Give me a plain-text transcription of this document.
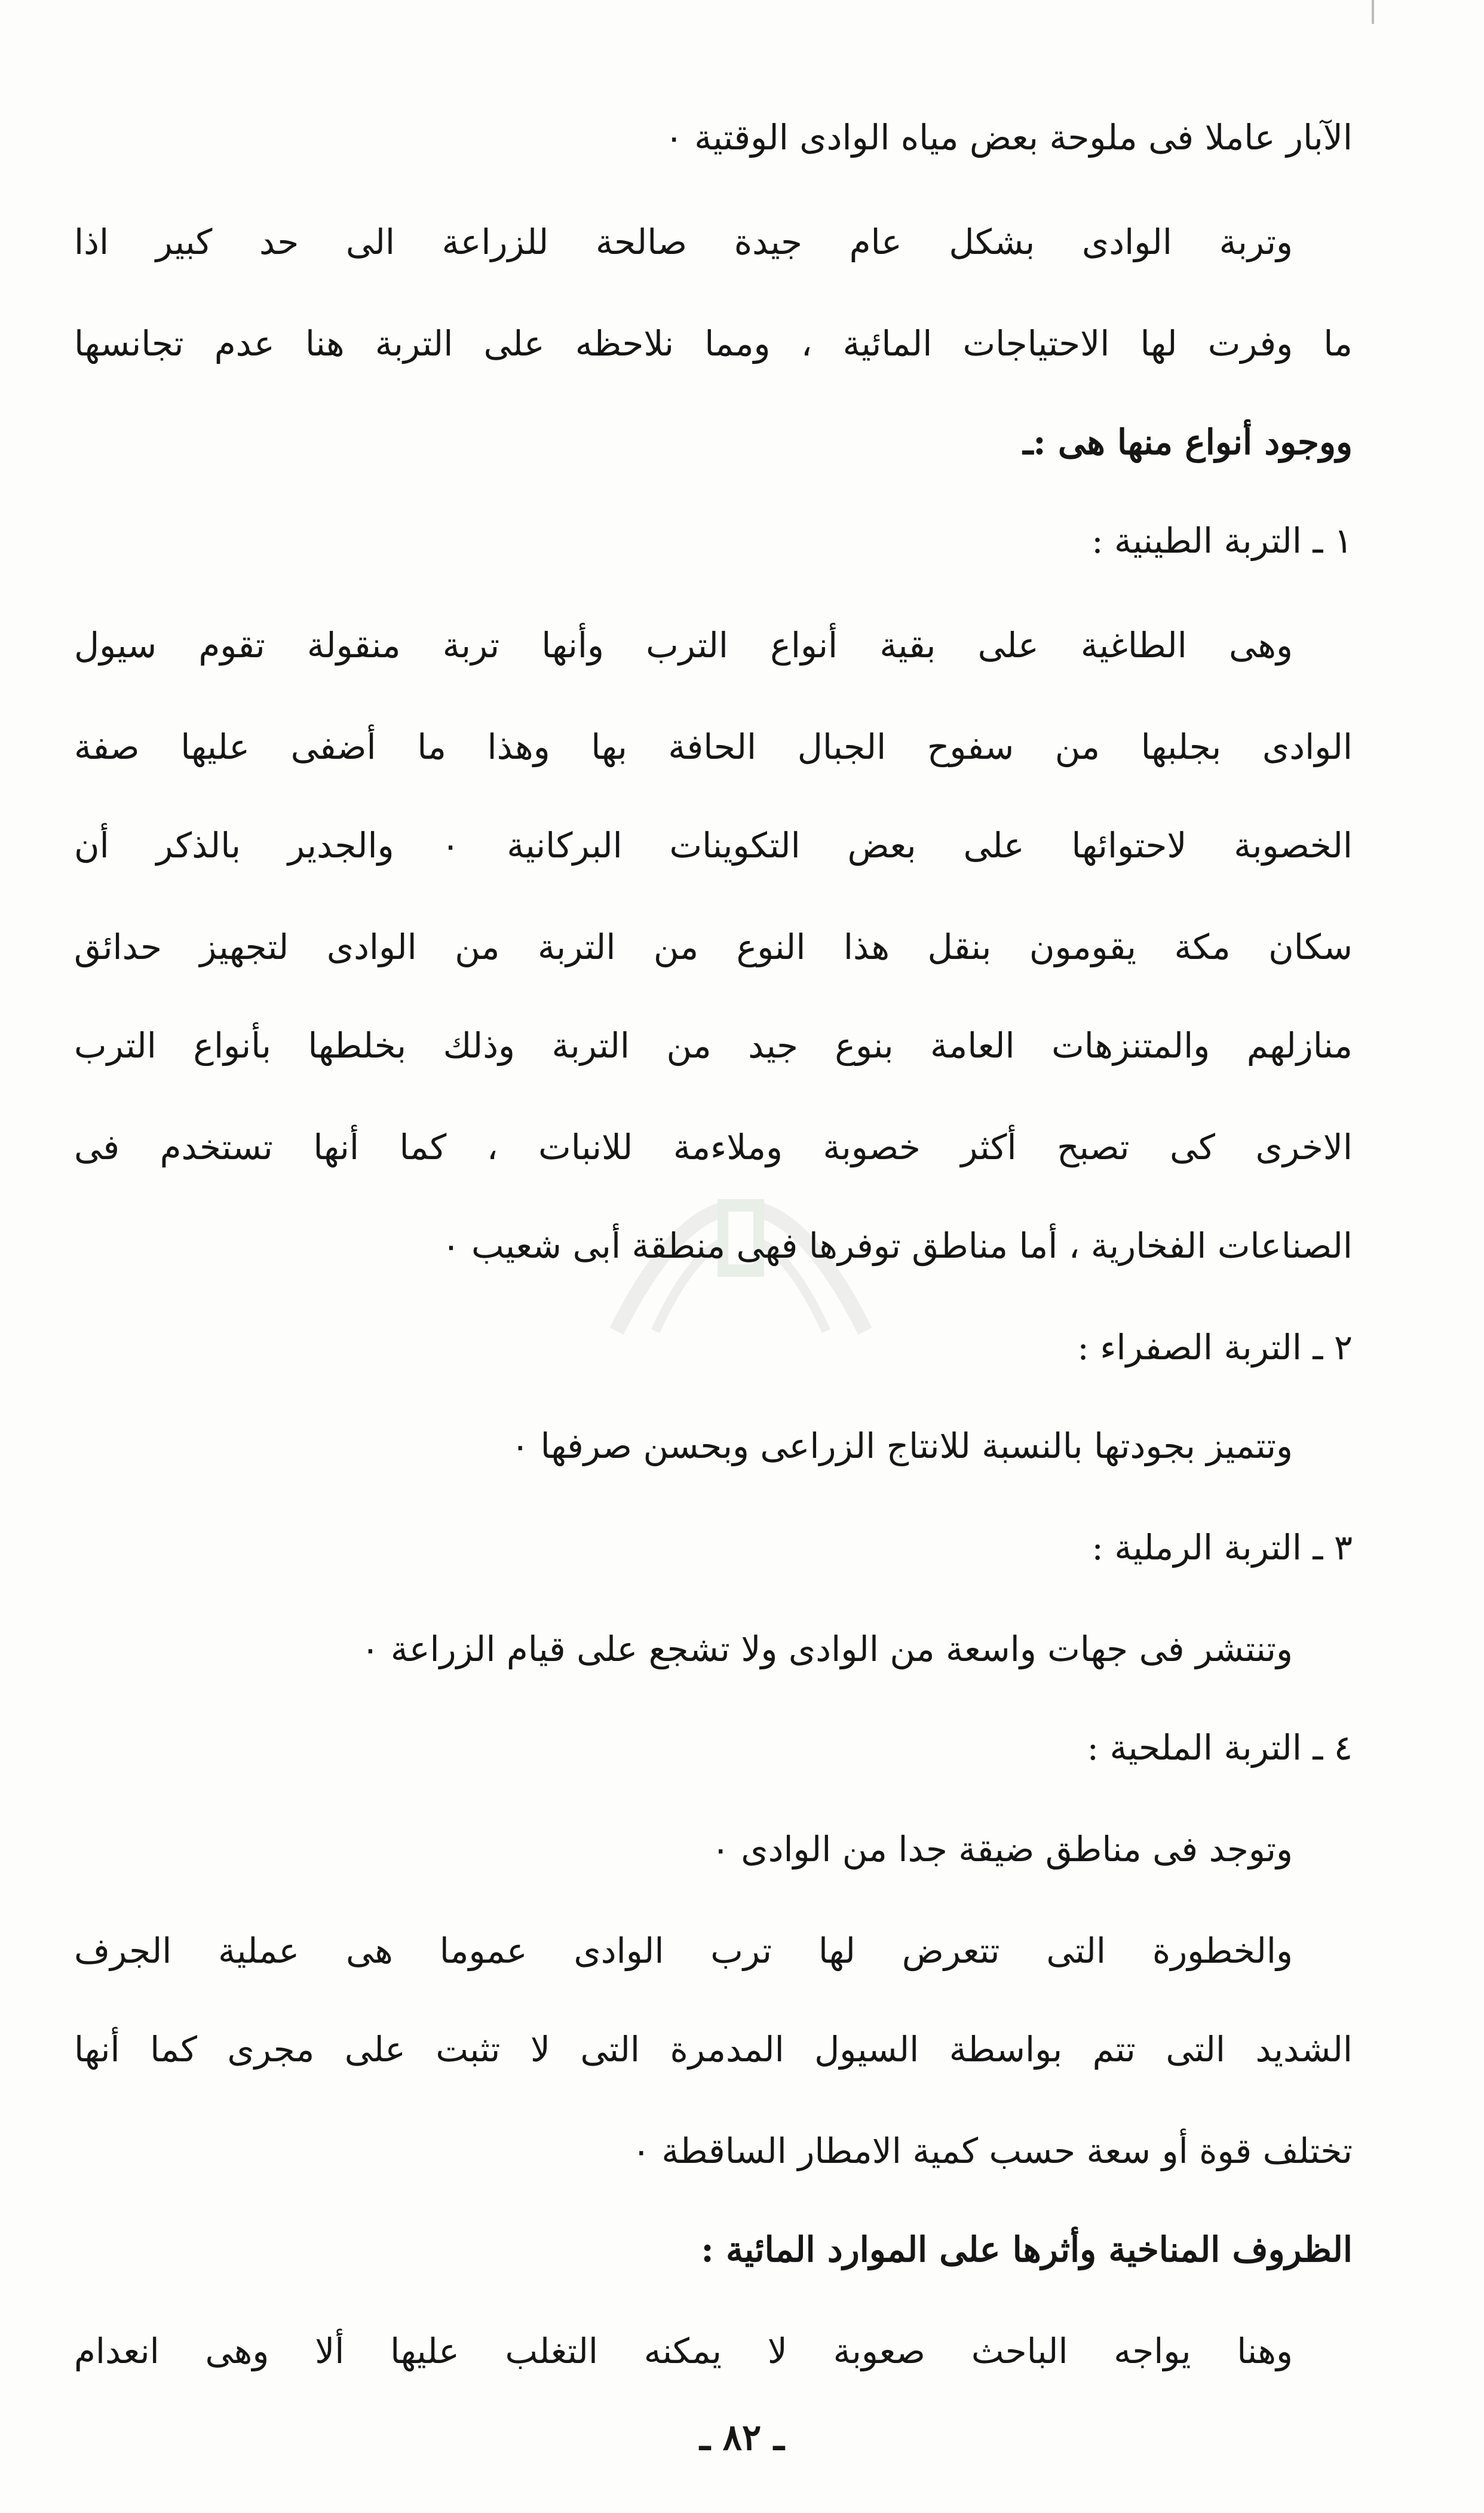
الآبار عاملا فى ملوحة بعض مياه الوادى الوقتية ٠
وتربة الوادى بشكل عام جيدة صالحة للزراعة الى حد كبير اذا
ما وفرت لها الاحتياجات المائية ، ومما نلاحظه على التربة هنا عدم تجانسها
ووجود أنواع منها هى :ـ
١ ـ التربة الطينية :
وهى الطاغية على بقية أنواع الترب وأنها تربة منقولة تقوم سيول
الوادى بجلبها من سفوح الجبال الحافة بها وهذا ما أضفى عليها صفة
الخصوبة لاحتوائها على بعض التكوينات البركانية ٠ والجدير بالذكر أن
سكان مكة يقومون بنقل هذا النوع من التربة من الوادى لتجهيز حدائق
منازلهم والمتنزهات العامة بنوع جيد من التربة وذلك بخلطها بأنواع الترب
الاخرى كى تصبح أكثر خصوبة وملاءمة للانبات ، كما أنها تستخدم فى
الصناعات الفخارية ، أما مناطق توفرها فهى منطقة أبى شعيب ٠
٢ ـ التربة الصفراء :
وتتميز بجودتها بالنسبة للانتاج الزراعى وبحسن صرفها ٠
٣ ـ التربة الرملية :
وتنتشر فى جهات واسعة من الوادى ولا تشجع على قيام الزراعة ٠
٤ ـ التربة الملحية :
وتوجد فى مناطق ضيقة جدا من الوادى ٠
والخطورة التى تتعرض لها ترب الوادى عموما هى عملية الجرف
الشديد التى تتم بواسطة السيول المدمرة التى لا تثبت على مجرى كما أنها
تختلف قوة أو سعة حسب كمية الامطار الساقطة ٠
الظروف المناخية وأثرها على الموارد المائية :
وهنا يواجه الباحث صعوبة لا يمكنه التغلب عليها ألا وهى انعدام
ـ ٨٢ ـ
